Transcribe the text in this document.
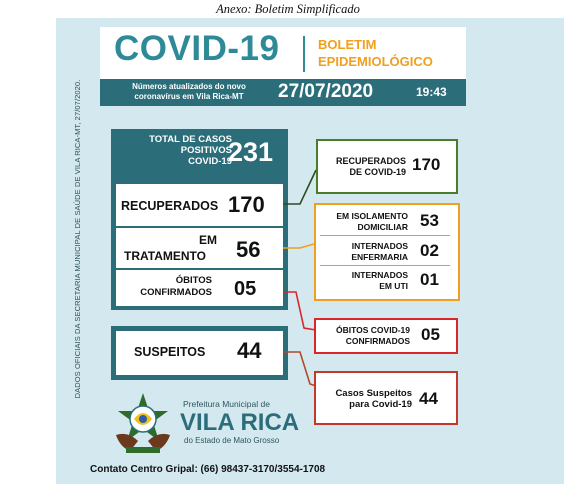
Anexo: Boletim Simplificado
DADOS OFICIAIS DA SECRETARIA MUNICIPAL DE SAÚDE DE VILA RICA-MT, 27/07/2020.
COVID-19	BOLETIM
EPIDEMIOLÓGICO
Números atualizados do novo
coronavírus em Vila Rica-MT	27/07/2020	19:43
TOTAL DE CASOS
POSITIVOS
COVID-19
231
RECUPERADOS 170
EM
TRATAMENTO 56
ÓBITOS
CONFIRMADOS 05
SUSPEITOS 44
RECUPERADOS
DE COVID-19 170
EM ISOLAMENTO
DOMICILIAR 53
INTERNADOS
ENFERMARIA 02
INTERNADOS
EM UTI 01
ÓBITOS COVID-19
CONFIRMADOS 05
Casos Suspeitos
para Covid-19 44
Prefeitura Municipal de
VILA RICA
do Estado de Mato Grosso
Contato Centro Gripal: (66) 98437-3170/3554-1708
